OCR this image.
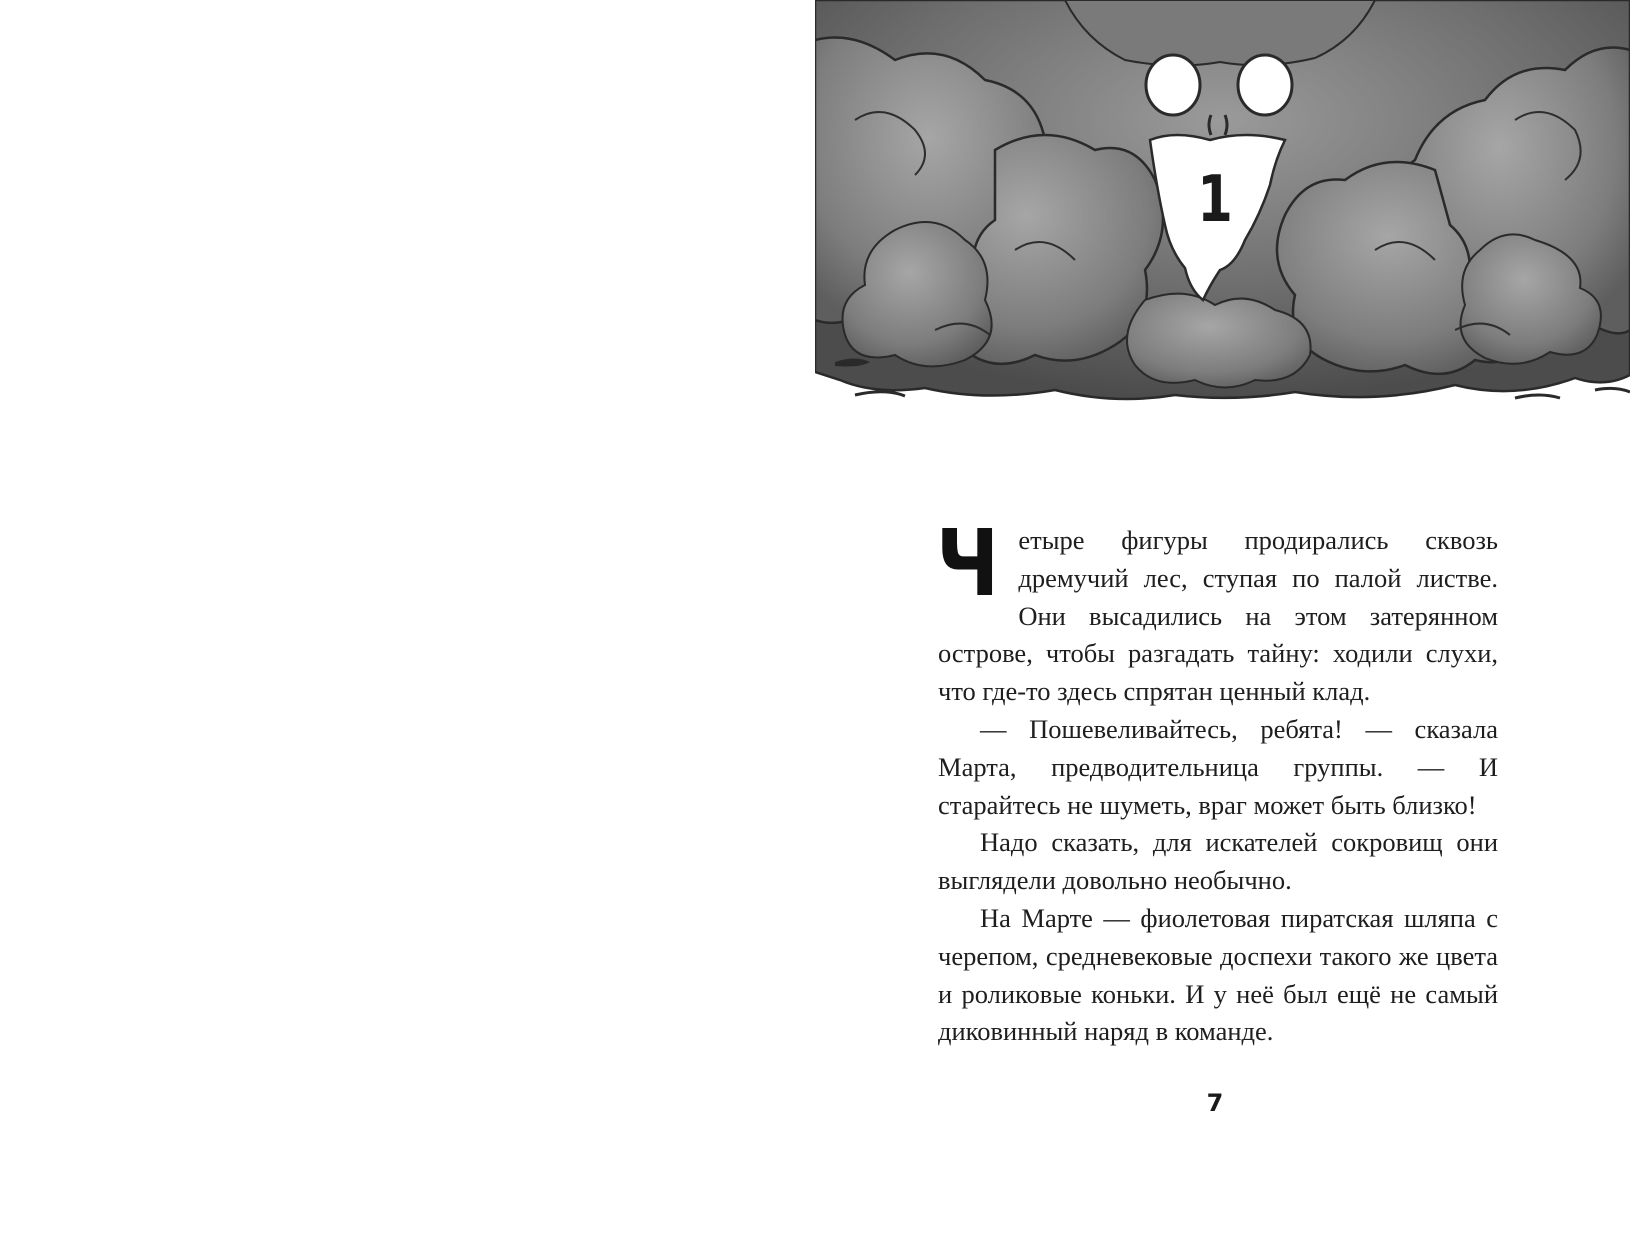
1

Четыре фигуры продирались сквозь дремучий лес, ступая по палой листве. Они высадились на этом затерянном острове, чтобы разгадать тайну: ходили слухи, что где-то здесь спрятан ценный клад.

— Пошевеливайтесь, ребята! — сказала Марта, предводительница группы. — И старайтесь не шуметь, враг может быть близко!

Надо сказать, для искателей сокровищ они выглядели довольно необычно.

На Марте — фиолетовая пиратская шляпа с черепом, средневековые доспехи такого же цвета и роликовые коньки. И у неё был ещё не самый диковинный наряд в команде.

7
